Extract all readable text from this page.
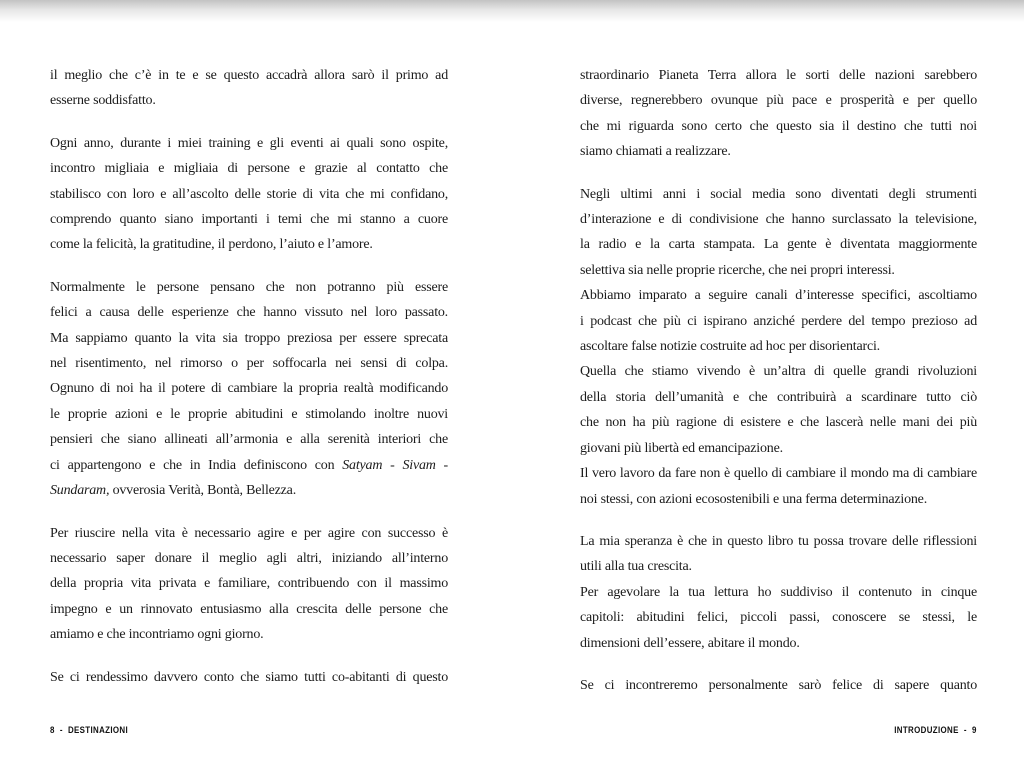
il meglio che c’è in te e se questo accadrà allora sarò il primo ad
esserne soddisfatto.
Ogni anno, durante i miei training e gli eventi ai quali sono ospite,
incontro migliaia e migliaia di persone e grazie al contatto che
stabilisco con loro e all’ascolto delle storie di vita che mi confidano,
comprendo quanto siano importanti i temi che mi stanno a cuore
come la felicità, la gratitudine, il perdono, l’aiuto e l’amore.
Normalmente le persone pensano che non potranno più essere
felici a causa delle esperienze che hanno vissuto nel loro passato.
Ma sappiamo quanto la vita sia troppo preziosa per essere sprecata
nel risentimento, nel rimorso o per soffocarla nei sensi di colpa.
Ognuno di noi ha il potere di cambiare la propria realtà modificando
le proprie azioni e le proprie abitudini e stimolando inoltre nuovi
pensieri che siano allineati all’armonia e alla serenità interiori che
ci appartengono e che in India definiscono con Satyam - Sivam -
Sundaram, ovverosia Verità, Bontà, Bellezza.
Per riuscire nella vita è necessario agire e per agire con successo è
necessario saper donare il meglio agli altri, iniziando all’interno
della propria vita privata e familiare, contribuendo con il massimo
impegno e un rinnovato entusiasmo alla crescita delle persone che
amiamo e che incontriamo ogni giorno.
Se ci rendessimo davvero conto che siamo tutti co-abitanti di questo
8  -  DESTINAZIONI
straordinario Pianeta Terra allora le sorti delle nazioni sarebbero
diverse, regnerebbero ovunque più pace e prosperità e per quello
che mi riguarda sono certo che questo sia il destino che tutti noi
siamo chiamati a realizzare.
Negli ultimi anni i social media sono diventati degli strumenti
d’interazione e di condivisione che hanno surclassato la televisione,
la radio e la carta stampata. La gente è diventata maggiormente
selettiva sia nelle proprie ricerche, che nei propri interessi.
Abbiamo imparato a seguire canali d’interesse specifici, ascoltiamo
i podcast che più ci ispirano anziché perdere del tempo prezioso ad
ascoltare false notizie costruite ad hoc per disorientarci.
Quella che stiamo vivendo è un’altra di quelle grandi rivoluzioni
della storia dell’umanità e che contribuirà a scardinare tutto ciò
che non ha più ragione di esistere e che lascerà nelle mani dei più
giovani più libertà ed emancipazione.
Il vero lavoro da fare non è quello di cambiare il mondo ma di cambiare
noi stessi, con azioni ecosostenibili e una ferma determinazione.
La mia speranza è che in questo libro tu possa trovare delle riflessioni
utili alla tua crescita.
Per agevolare la tua lettura ho suddiviso il contenuto in cinque
capitoli: abitudini felici, piccoli passi, conoscere se stessi, le
dimensioni dell’essere, abitare il mondo.
Se ci incontreremo personalmente sarò felice di sapere quanto
INTRODUZIONE  -  9
